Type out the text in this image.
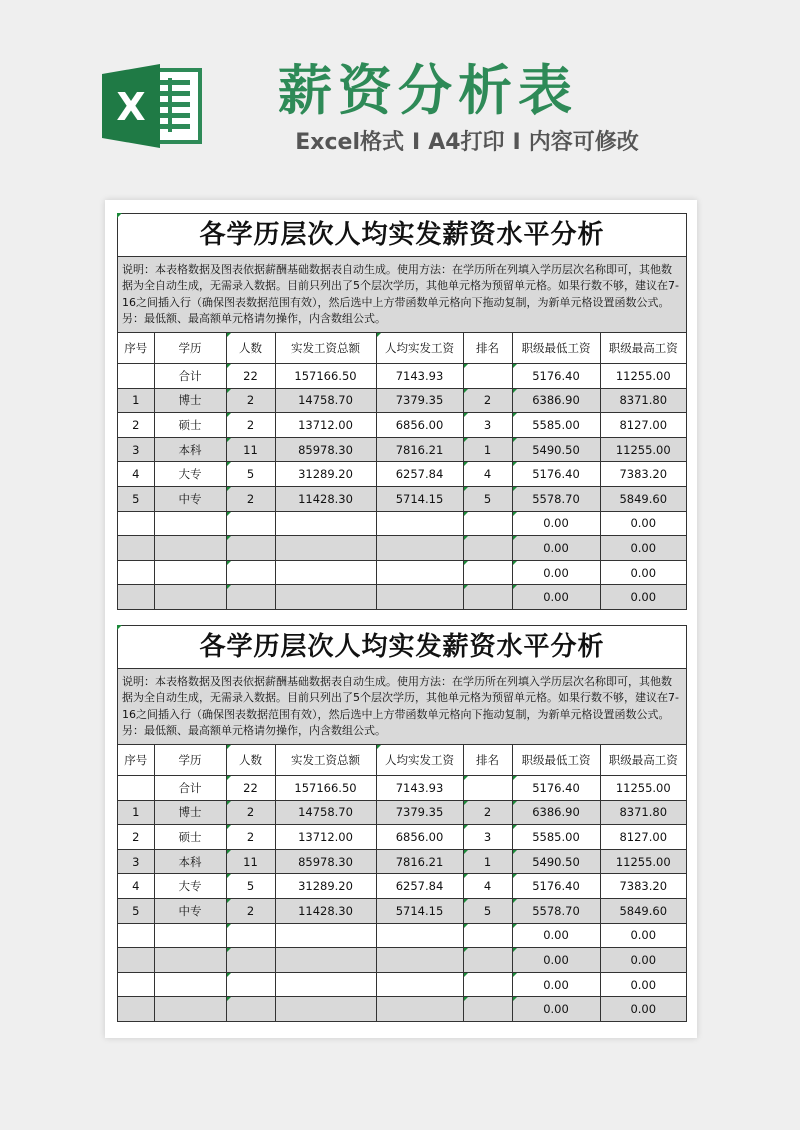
X 薪资分析表
Excel格式 I A4打印 I 内容可修改
各学历层次人均实发薪资水平分析
说明：本表格数据及图表依据薪酬基础数据表自动生成。使用方法：在学历所在列填入学历层次名称即可，其他数据为全自动生成，无需录入数据。目前只列出了5个层次学历，其他单元格为预留单元格。如果行数不够，建议在7-16之间插入行（确保图表数据范围有效），然后选中上方带函数单元格向下拖动复制，为新单元格设置函数公式。另：最低额、最高额单元格请勿操作，内含数组公式。
序号	学历	人数	实发工资总额	人均实发工资	排名	职级最低工资	职级最高工资
	合计	22	157166.50	7143.93		5176.40	11255.00
1	博士	2	14758.70	7379.35	2	6386.90	8371.80
2	硕士	2	13712.00	6856.00	3	5585.00	8127.00
3	本科	11	85978.30	7816.21	1	5490.50	11255.00
4	大专	5	31289.20	6257.84	4	5176.40	7383.20
5	中专	2	11428.30	5714.15	5	5578.70	5849.60
						0.00	0.00
						0.00	0.00
						0.00	0.00
						0.00	0.00
各学历层次人均实发薪资水平分析
说明：本表格数据及图表依据薪酬基础数据表自动生成。使用方法：在学历所在列填入学历层次名称即可，其他数据为全自动生成，无需录入数据。目前只列出了5个层次学历，其他单元格为预留单元格。如果行数不够，建议在7-16之间插入行（确保图表数据范围有效），然后选中上方带函数单元格向下拖动复制，为新单元格设置函数公式。另：最低额、最高额单元格请勿操作，内含数组公式。
序号	学历	人数	实发工资总额	人均实发工资	排名	职级最低工资	职级最高工资
	合计	22	157166.50	7143.93		5176.40	11255.00
1	博士	2	14758.70	7379.35	2	6386.90	8371.80
2	硕士	2	13712.00	6856.00	3	5585.00	8127.00
3	本科	11	85978.30	7816.21	1	5490.50	11255.00
4	大专	5	31289.20	6257.84	4	5176.40	7383.20
5	中专	2	11428.30	5714.15	5	5578.70	5849.60
						0.00	0.00
						0.00	0.00
						0.00	0.00
						0.00	0.00
